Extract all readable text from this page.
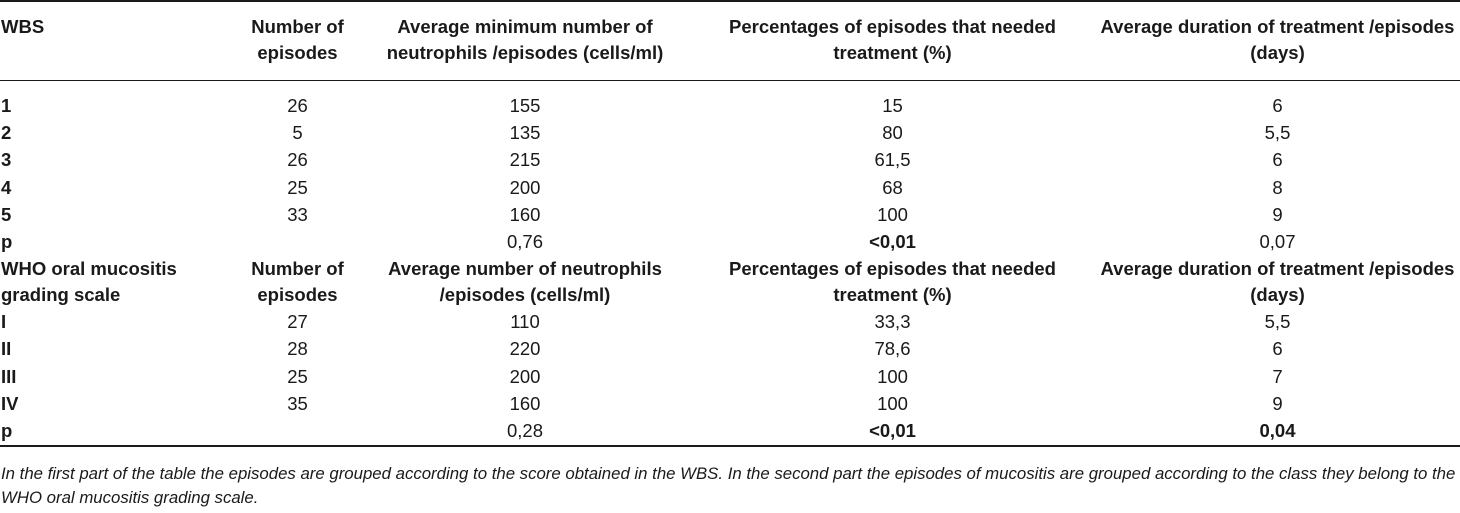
WBS	Number of episodes	Average minimum number of neutrophils /episodes (cells/ml)	Percentages of episodes that needed treatment (%)	Average duration of treatment /episodes (days)

1	26	155	15	6
2	5	135	80	5,5
3	26	215	61,5	6
4	25	200	68	8
5	33	160	100	9
p		0,76	<0,01	0,07
WHO oral mucositis grading scale	Number of episodes	Average number of neutrophils /episodes (cells/ml)	Percentages of episodes that needed treatment (%)	Average duration of treatment /episodes (days)
I	27	110	33,3	5,5
II	28	220	78,6	6
III	25	200	100	7
IV	35	160	100	9
p		0,28	<0,01	0,04
In the first part of the table the episodes are grouped according to the score obtained in the WBS. In the second part the episodes of mucositis are grouped according to the class they belong to the WHO oral mucositis grading scale.
